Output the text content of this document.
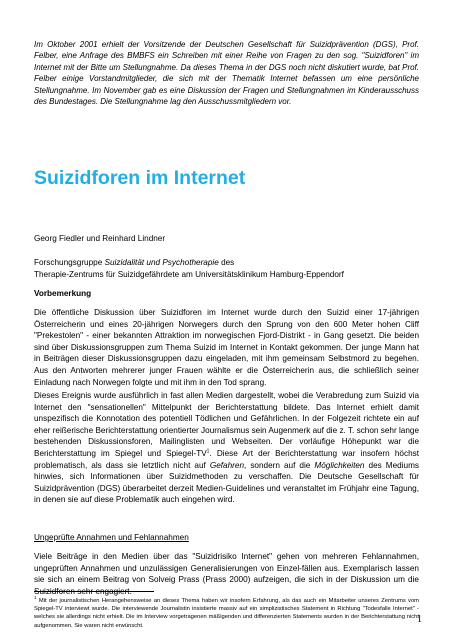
Im Oktober 2001 erhielt der Vorsitzende der Deutschen Gesellschaft für Suizidprävention (DGS), Prof. Felber, eine Anfrage des BMBFS ein Schreiben mit einer Reihe von Fragen zu den sog. "Suizidforen" im Internet mit der Bitte um Stellungnahme. Da dieses Thema in der DGS noch nicht diskutiert wurde, bat Prof. Felber einige Vorstandmitglieder, die sich mit der Thematik Internet befassen um eine persönliche Stellungnahme. Im November gab es eine Diskussion der Fragen und Stellungnahmen im Kinderausschuss des Bundestages. Die Stellungnahme lag den Ausschussmitgliedern vor.
Suizidforen im Internet
Georg Fiedler und Reinhard Lindner
Forschungsgruppe Suizidalität und Psychotherapie des
Therapie-Zentrums für Suizidgefährdete am Universitätsklinikum Hamburg-Eppendorf
Vorbemerkung
Die öffentliche Diskussion über Suizidforen im Internet wurde durch den Suizid einer 17-jährigen Österreicherin und eines 20-jährigen Norwegers durch den Sprung von den 600 Meter hohen Cliff "Prekestolen" - einer bekannten Attraktion im norwegischen Fjord-Distrikt - in Gang gesetzt. Die beiden sind über Diskussionsgruppen zum Thema Suizid im Internet in Kontakt gekommen. Der junge Mann hat in Beiträgen dieser Diskussionsgruppen dazu eingeladen, mit ihm gemeinsam Selbstmord zu begehen. Aus den Antworten mehrerer junger Frauen wählte er die Österreicherin aus, die schließlich seiner Einladung nach Norwegen folgte und mit ihm in den Tod sprang.
Dieses Ereignis wurde ausführlich in fast allen Medien dargestellt, wobei die Verabredung zum Suizid via Internet den "sensationellen" Mittelpunkt der Berichterstattung bildete. Das Internet erhielt damit unspezifisch die Konnotation des potentiell Tödlichen und Gefährlichen. In der Folgezeit richtete ein auf eher reißerische Berichterstattung orientierter Journalismus sein Augenmerk auf die z. T. schon sehr lange bestehenden Diskussionsforen, Mailinglisten und Webseiten. Der vorläufige Höhepunkt war die Berichterstattung im Spiegel und Spiegel-$TV^1$. Diese Art der Berichterstattung war insofern höchst problematisch, als dass sie letztlich nicht auf Gefahren, sondern auf die Möglichkeiten des Mediums hinwies, sich Informationen über Suizidmethoden zu verschaffen. Die Deutsche Gesellschaft für Suizidprävention (DGS) überarbeitet derzeit Medien-Guidelines und veranstaltet im Frühjahr eine Tagung, in denen sie auf diese Problematik auch eingehen wird.
Ungeprüfte Annahmen und Fehlannahmen
Viele Beiträge in den Medien über das "Suizidrisiko Internet" gehen von mehreren Fehlannahmen, ungeprüften Annahmen und unzulässigen Generalisierungen von Einzel-fällen aus. Exemplarisch lassen sie sich an einem Beitrag von Solveig Prass (Prass 2000) aufzeigen, die sich in der Diskussion um die Suizidforen sehr engagiert.
$^1$ Mit der journalistischen Herangehensweise an dieses Thema haben wir insofern Erfahrung, als das auch ein Mitarbeiter unseres Zentrums vom Spiegel-TV interviewt wurde. Die interviewende Journalistin insistierte massiv auf ein simplizistisches Statement in Richtung "Todesfalle Internet" - welches sie allerdings nicht erhielt. Die im Interview vorgetragenen mäßigenden und differenzierten Statements wurden in der Berichterstattung nicht aufgenommen. Sie waren nicht erwünscht.
1
